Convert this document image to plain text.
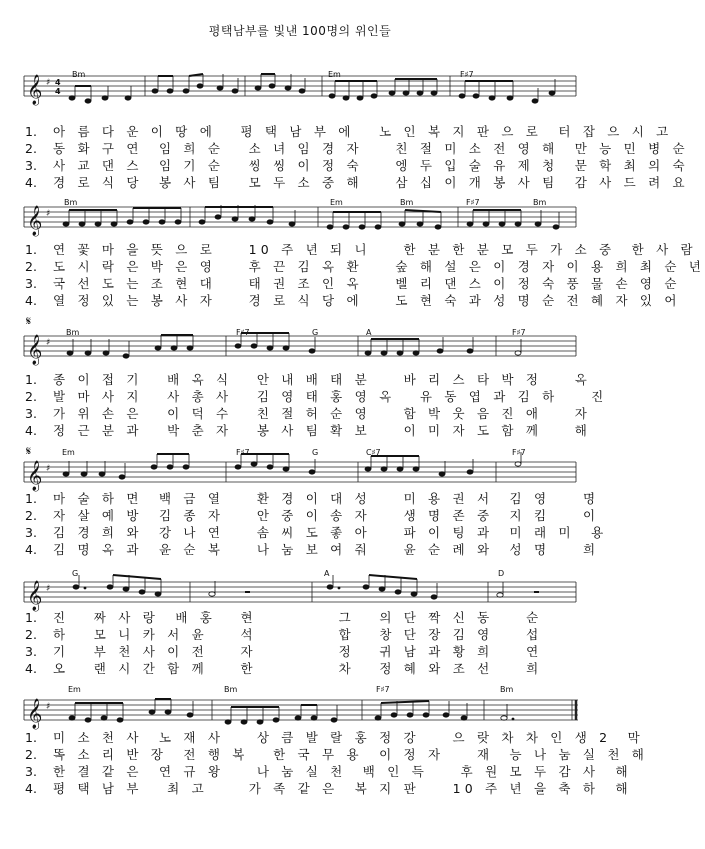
평택남부를 빛낸 100명의 위인들
𝄞 ♯ 4
4
Bm	Em	F♯7
1.	아 름 다 운 이 땅 에   평 택 남 부 에   노 인 복 지 판 으 로  터 잡 으 시 고
2.	동 화 구 연  임 희 순   소 녀 임 경 자    친 절 미 소 전 영 해  만 능 민 병 순
3.	사 교 댄 스  임 기 순   씽 씽 이 정 숙    엥 두 입 술 유 제 청  문 학 최 의 숙
4.	경 로 식 당  봉 사 팀   모 두 소 중 해    삼 십 이 개 봉 사 팀  감 사 드 려 요
𝄞 ♯
Bm	Em	Bm	F♯7	Bm
1.	연 꽃 마 을 뜻 으 로    10 주 년 되 니    한 분 한 분 모 두 가 소 중  한 사 람
2.	도 시 락 은 박 은 영    후 끈 김 옥 환    숲 해 설 은 이 경 자 이 용 희 최 순 년
3.	국 선 도 는 조 현 대    태 권 조 인 옥    벨 리 댄 스 이 정 숙 풍 물 손 영 순
4.	열 정 있 는 봉 사 자    경 로 식 당 에    도 현 숙 과 성 명 순 전 혜 자 있 어
𝄋
𝄞 ♯
Bm	F♯7	G	A	F♯7
1.	종 이 접 기   배 옥 식   안 내 배 태 분    바 리 스 타 박 정    옥
2.	발 마 사 지   사 총 사   김 영 태 홍 영 옥   유 동 엽 과 김 하    진
3.	가 위 손 은   이 덕 수   친 절 허 순 영    함 박 웃 음 진 애    자
4.	정 근 분 과   박 춘 자   봉 사 팀 확 보    이 미 자 도 함 께    해
𝄋
𝄞 ♯
Em	F♯7	G	C♯7	F♯7
1.	마 술 하 면  백 금 열    환 경 이 대 성    미 용 권 서  김 영    명
2.	자 살 예 방  김 종 자    안 중 이 송 자    생 명 존 중  지 킴    이
3.	김 경 희 와  강 나 연    솜 씨 도 좋 아    파 이 팅 과  미 래 미  용
4.	김 명 옥 과  윤 순 복    나 눔 보 여 줘    윤 순 례 와  성 명    희
𝄞 ♯
G	A	D
1.	진   짜 사 랑  배 홍   현          그   의 단 짝 신 동    순
2.	하   모 니 카 서 윤    석          합   창 단 장 김 영    섭
3.	기   부 천 사 이 전    자          정   귀 남 과 황 희    연
4.	오   랜 시 간 함 께    한          차   정 혜 와 조 선    희
𝄞 ♯
Em	Bm	F♯7	Bm
1.	미 소 천 사  노 재 사    상 큼 발 랄 홍 정 강    으 랏 차 차 인 생 2  막
2.	똑 소 리 반 장  전 행 복   한 국 무 용  이 정 자    재  능 나 눔 실 천 해
3.	한 결 같 은  연 규 왕    나 눔 실 천  백 인 득    후 원 모 두 감 사  해
4.	평 택 남 부   최 고     가 족 같 은  복 지 판    10 주 년 을 축 하  해
